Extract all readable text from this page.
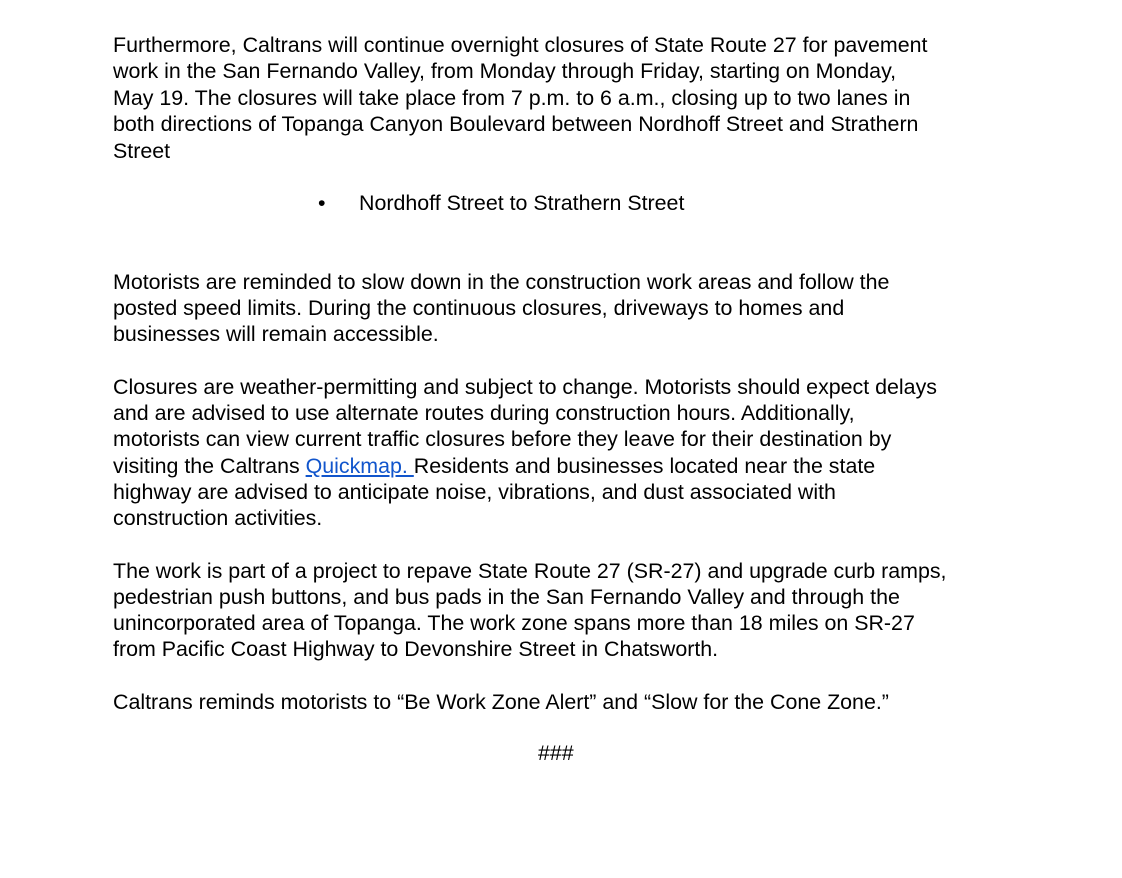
Furthermore, Caltrans will continue overnight closures of State Route 27 for pavement

work in the San Fernando Valley, from Monday through Friday, starting on Monday,

May 19. The closures will take place from 7 p.m. to 6 a.m., closing up to two lanes in

both directions of Topanga Canyon Boulevard between Nordhoff Street and Strathern

Street

• Nordhoff Street to Strathern Street

Motorists are reminded to slow down in the construction work areas and follow the

posted speed limits. During the continuous closures, driveways to homes and

businesses will remain accessible.

Closures are weather-permitting and subject to change. Motorists should expect delays

and are advised to use alternate routes during construction hours. Additionally,

motorists can view current traffic closures before they leave for their destination by

visiting the Caltrans Quickmap. Residents and businesses located near the state

highway are advised to anticipate noise, vibrations, and dust associated with

construction activities.

The work is part of a project to repave State Route 27 (SR-27) and upgrade curb ramps,

pedestrian push buttons, and bus pads in the San Fernando Valley and through the

unincorporated area of Topanga. The work zone spans more than 18 miles on SR-27

from Pacific Coast Highway to Devonshire Street in Chatsworth.

Caltrans reminds motorists to “Be Work Zone Alert” and “Slow for the Cone Zone.”

###
